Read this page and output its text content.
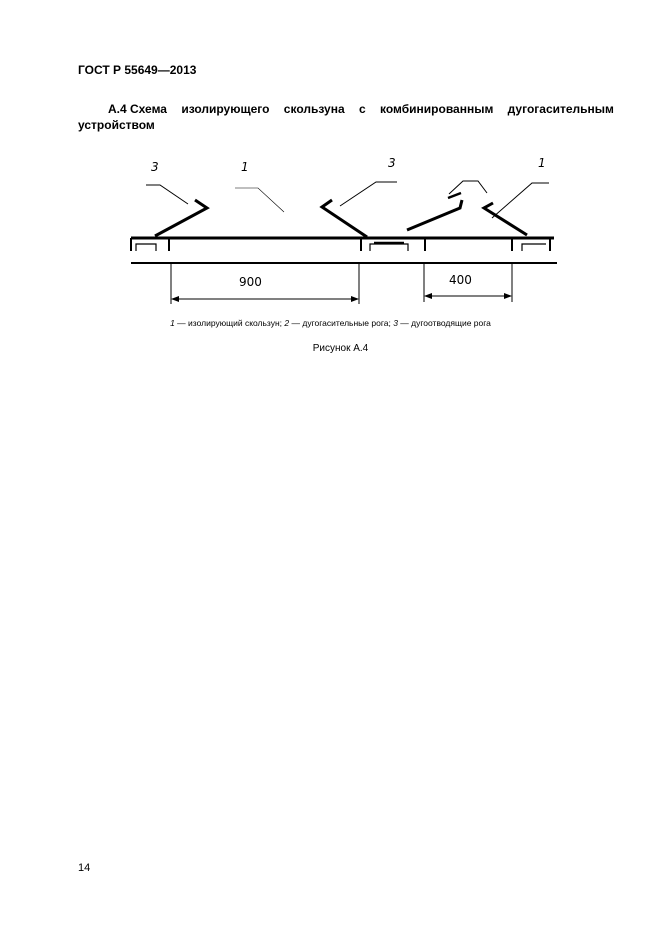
ГОСТ Р 55649—2013
А.4 Схема изолирующего скользуна с комбинированным дугогасительным
устройством
3	1	3	1
900	400
1 — изолирующий скользун; 2 — дугогасительные рога; 3 — дугоотводящие рога
Рисунок А.4
14
